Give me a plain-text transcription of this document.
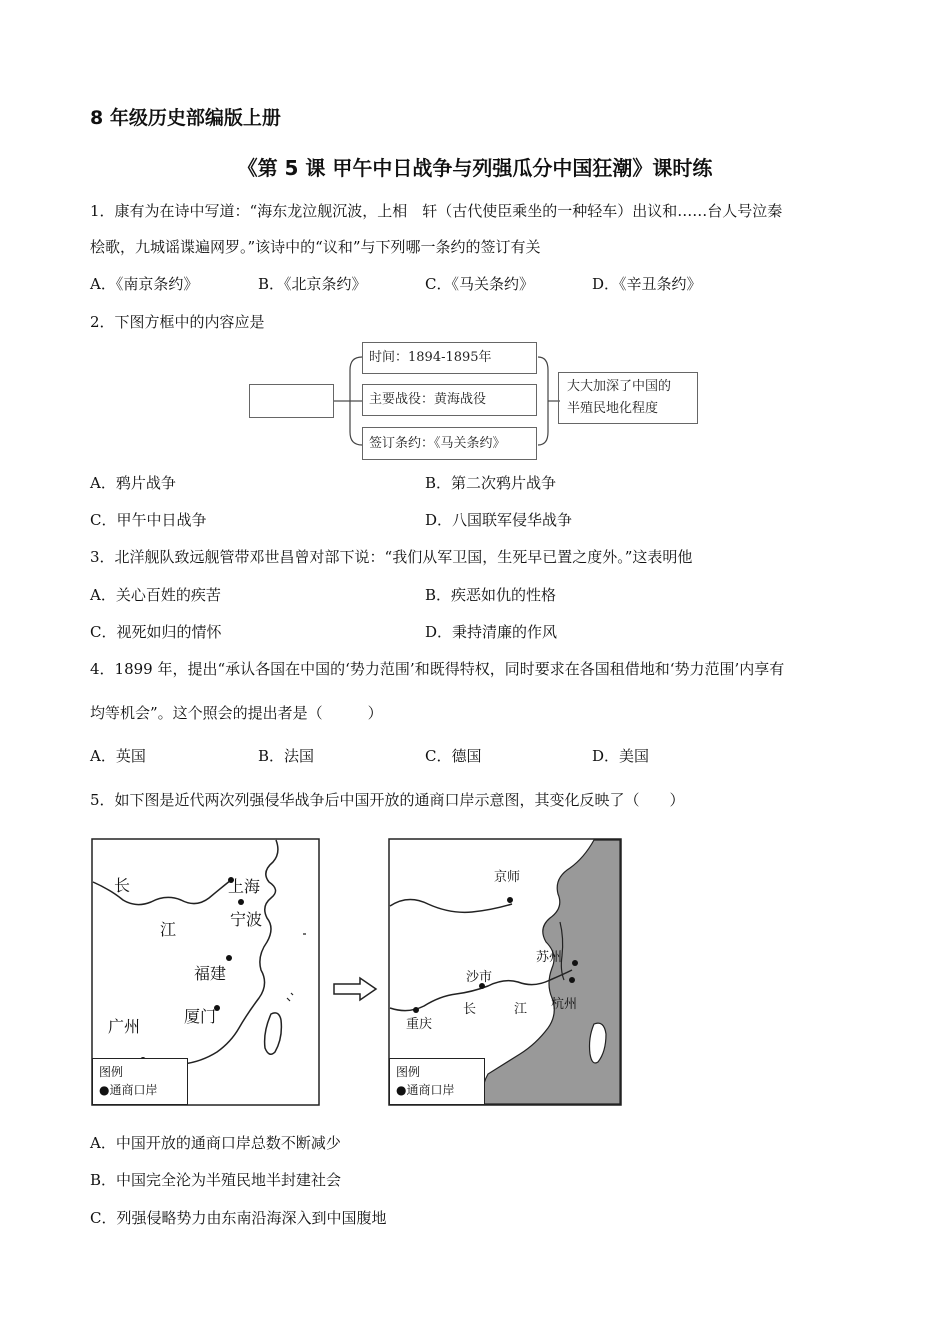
8 年级历史部编版上册
《第 5 课 甲午中日战争与列强瓜分中国狂潮》课时练
1．康有为在诗中写道：“海东龙泣舰沉波，上相　轩（古代使臣乘坐的一种轻车）出议和……台人号泣秦
桧歌，九城谣谍遍网罗。”该诗中的“议和”与下列哪一条约的签订有关
A．《南京条约》	B．《北京条约》	C．《马关条约》	D．《辛丑条约》
2．下图方框中的内容应是
时间：1894-1895年
主要战役：黄海战役
签订条约：《马关条约》
大大加深了中国的
半殖民地化程度
A．鸦片战争	B．第二次鸦片战争
C．甲午中日战争	D．八国联军侵华战争
3．北洋舰队致远舰管带邓世昌曾对部下说：“我们从军卫国，生死早已置之度外。”这表明他
A．关心百姓的疾苦	B．疾恶如仇的性格
C．视死如归的情怀	D．秉持清廉的作风
4．1899 年，提出“承认各国在中国的‘势力范围’和既得特权，同时要求在各国租借地和‘势力范围’内享有
均等机会”。这个照会的提出者是（　　　）
A．英国	B．法国	C．德国	D．美国
5．如下图是近代两次列强侵华战争后中国开放的通商口岸示意图，其变化反映了（　　）
长
江
上海
宁波
福建
厦门
广州
图例
●通商口岸
京师
苏州
沙市
杭州
重庆
长	江
图例
●通商口岸
A．中国开放的通商口岸总数不断减少
B．中国完全沦为半殖民地半封建社会
C．列强侵略势力由东南沿海深入到中国腹地
